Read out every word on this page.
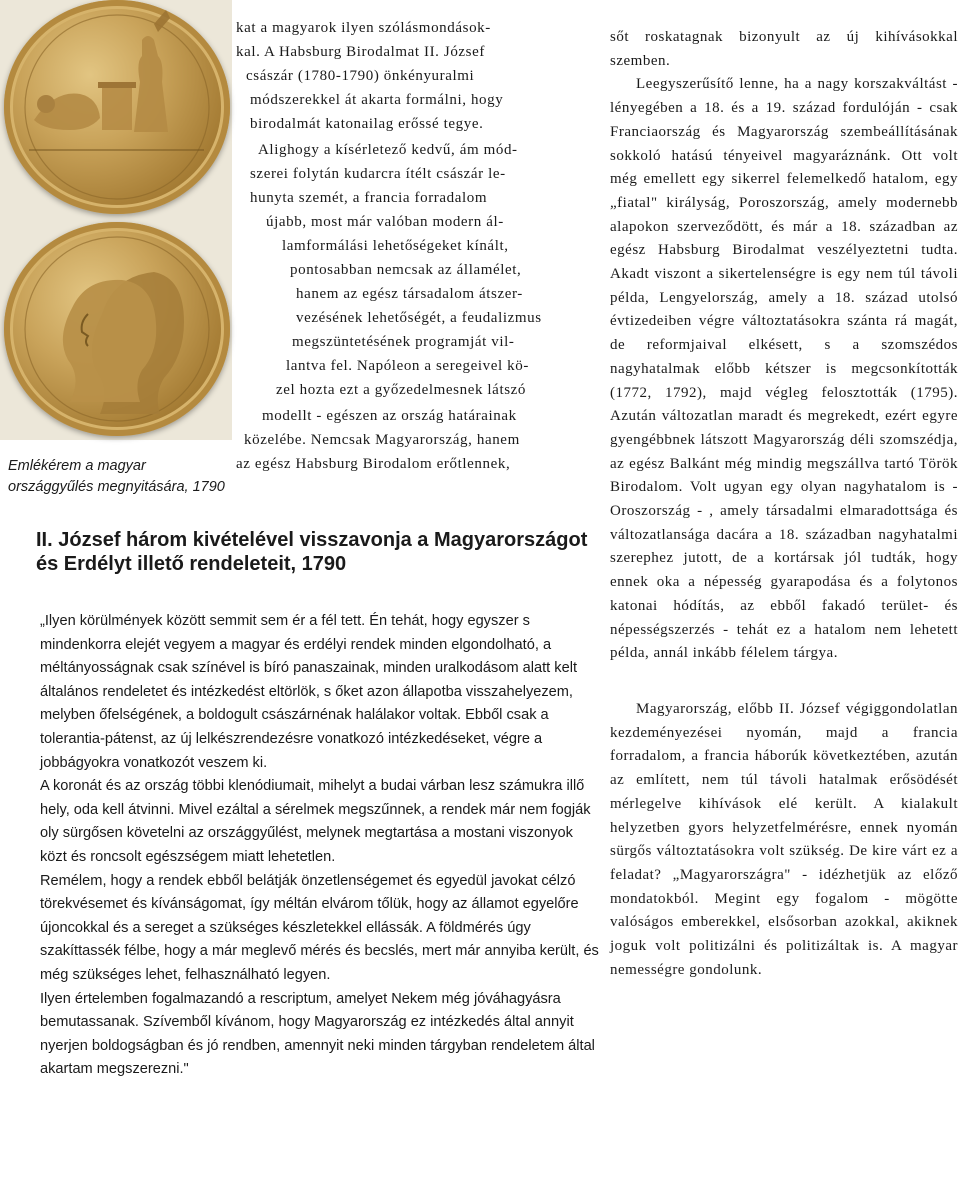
Emlékérem a magyar országgyűlés megnyitására, 1790
kat a magyarok ilyen szólásmondások-
kal. A Habsburg Birodalmat II. József
császár (1780-1790) önkényuralmi
módszerekkel át akarta formálni, hogy
birodalmát katonailag erőssé tegye.
Alighogy a kísérletező kedvű, ám mód-
szerei folytán kudarcra ítélt császár le-
hunyta szemét, a francia forradalom
újabb, most már valóban modern ál-
lamformálási lehetőségeket kínált,
pontosabban nemcsak az államélet,
hanem az egész társadalom átszer-
vezésének lehetőségét, a feudalizmus
megszüntetésének programját vil-
lantva fel. Napóleon a seregeivel kö-
zel hozta ezt a győzedelmesnek látszó
modellt - egészen az ország határainak
közelébe. Nemcsak Magyarország, hanem
az egész Habsburg Birodalom erőtlennek,
II. József három kivételével visszavonja a Magyarországot és Erdélyt illető rendeleteit, 1790

„Ilyen körülmények között semmit sem ér a fél tett. Én tehát, hogy egyszer s mindenkorra elejét vegyem a magyar és erdélyi rendek minden elgondolható, a méltányosságnak csak színével is bíró panaszainak, minden uralkodásom alatt kelt általános rendeletet és intézkedést eltörlök, s őket azon állapotba visszahelyezem, melyben őfelségének, a boldogult császárnénak halálakor voltak. Ebből csak a tolerantia-pátenst, az új lelkészrendezésre vonatkozó intézkedéseket, végre a jobbágyokra vonatkozót veszem ki.

A koronát és az ország többi klenódiumait, mihelyt a budai várban lesz számukra illő hely, oda kell átvinni. Mivel ezáltal a sérelmek megszűnnek, a rendek már nem fogják oly sürgősen követelni az országgyűlést, melynek megtartása a mostani viszonyok közt és roncsolt egészségem miatt lehetetlen.

Remélem, hogy a rendek ebből belátják önzetlenségemet és egyedül javokat célzó törekvésemet és kívánságomat, így méltán elvárom tőlük, hogy az államot egyelőre újoncokkal és a sereget a szükséges készletekkel ellássák. A földmérés úgy szakíttassék félbe, hogy a már meglevő mérés és becslés, mert már annyiba került, és még szükséges lehet, felhasználható legyen.

Ilyen értelemben fogalmazandó a rescriptum, amelyet Nekem még jóváhagyásra bemutassanak. Szívemből kívánom, hogy Magyarország ez intézkedés által annyit nyerjen boldogságban és jó rendben, amennyit neki minden tárgyban rendeletem által akartam megszerezni."

sőt roskatagnak bizonyult az új kihívásokkal szemben.

Leegyszerűsítő lenne, ha a nagy korszakváltást - lényegében a 18. és a 19. század fordulóján - csak Franciaország és Magyarország szembeállításának sokkoló hatású tényeivel magyaráznánk. Ott volt még emellett egy sikerrel felemelkedő hatalom, egy „fiatal" királyság, Poroszország, amely modernebb alapokon szerveződött, és már a 18. században az egész Habsburg Birodalmat veszélyeztetni tudta. Akadt viszont a sikertelenségre is egy nem túl távoli példa, Lengyelország, amely a 18. század utolsó évtizedeiben végre változtatásokra szánta rá magát, de reformjaival elkésett, s a szomszédos nagyhatalmak előbb kétszer is megcsonkították (1772, 1792), majd végleg felosztották (1795). Azután változatlan maradt és megrekedt, ezért egyre gyengébbnek látszott Magyarország déli szomszédja, az egész Balkánt még mindig megszállva tartó Török Birodalom. Volt ugyan egy olyan nagyhatalom is - Oroszország - , amely társadalmi elmaradottsága és változatlansága dacára a 18. században nagyhatalmi szerephez jutott, de a kortársak jól tudták, hogy ennek oka a népesség gyarapodása és a folytonos katonai hódítás, az ebből fakadó terület- és népességszerzés - tehát ez a hatalom nem lehetett példa, annál inkább félelem tárgya.

Magyarország, előbb II. József végiggondolatlan kezdeményezései nyomán, majd a francia forradalom, a francia háborúk következtében, azután az említett, nem túl távoli hatalmak erősödését mérlegelve kihívások elé került. A kialakult helyzetben gyors helyzetfelmérésre, ennek nyomán sürgős változtatásokra volt szükség. De kire várt ez a feladat? „Magyarországra" - idézhetjük az előző mondatokból. Megint egy fogalom - mögötte valóságos emberekkel, elsősorban azokkal, akiknek joguk volt politizálni és politizáltak is. A magyar nemességre gondolunk.
